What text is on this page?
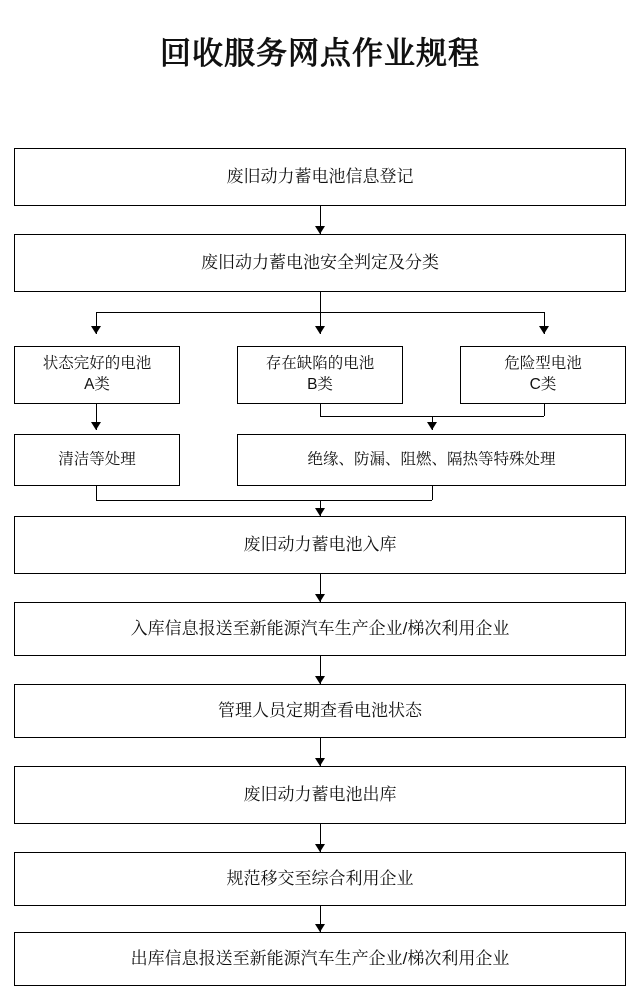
回收服务网点作业规程
废旧动力蓄电池信息登记
废旧动力蓄电池安全判定及分类
状态完好的电池
A类
存在缺陷的电池
B类
危险型电池
C类
清洁等处理	绝缘、防漏、阻燃、隔热等特殊处理
废旧动力蓄电池入库
入库信息报送至新能源汽车生产企业/梯次利用企业
管理人员定期查看电池状态
废旧动力蓄电池出库
规范移交至综合利用企业
出库信息报送至新能源汽车生产企业/梯次利用企业
